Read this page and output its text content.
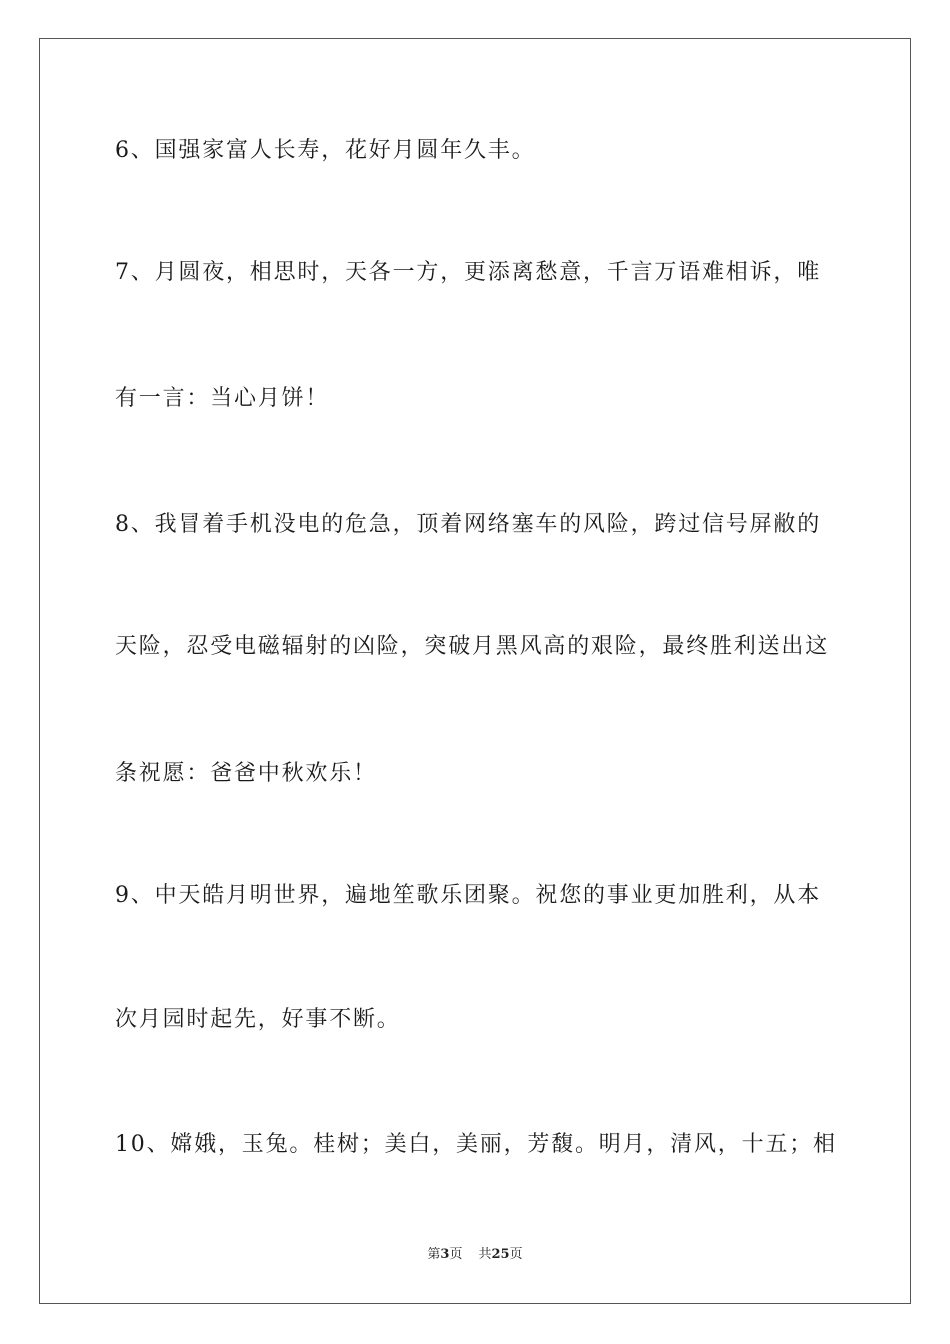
6、国强家富人长寿，花好月圆年久丰。
7、月圆夜，相思时，天各一方，更添离愁意，千言万语难相诉，唯
有一言：当心月饼！
8、我冒着手机没电的危急，顶着网络塞车的风险，跨过信号屏敝的
天险，忍受电磁辐射的凶险，突破月黑风高的艰险，最终胜利送出这
条祝愿：爸爸中秋欢乐！
9、中天皓月明世界，遍地笙歌乐团聚。祝您的事业更加胜利，从本
次月园时起先，好事不断。
10、嫦娥，玉兔。桂树；美白，美丽，芳馥。明月，清风，十五；相
第3页 共25页
